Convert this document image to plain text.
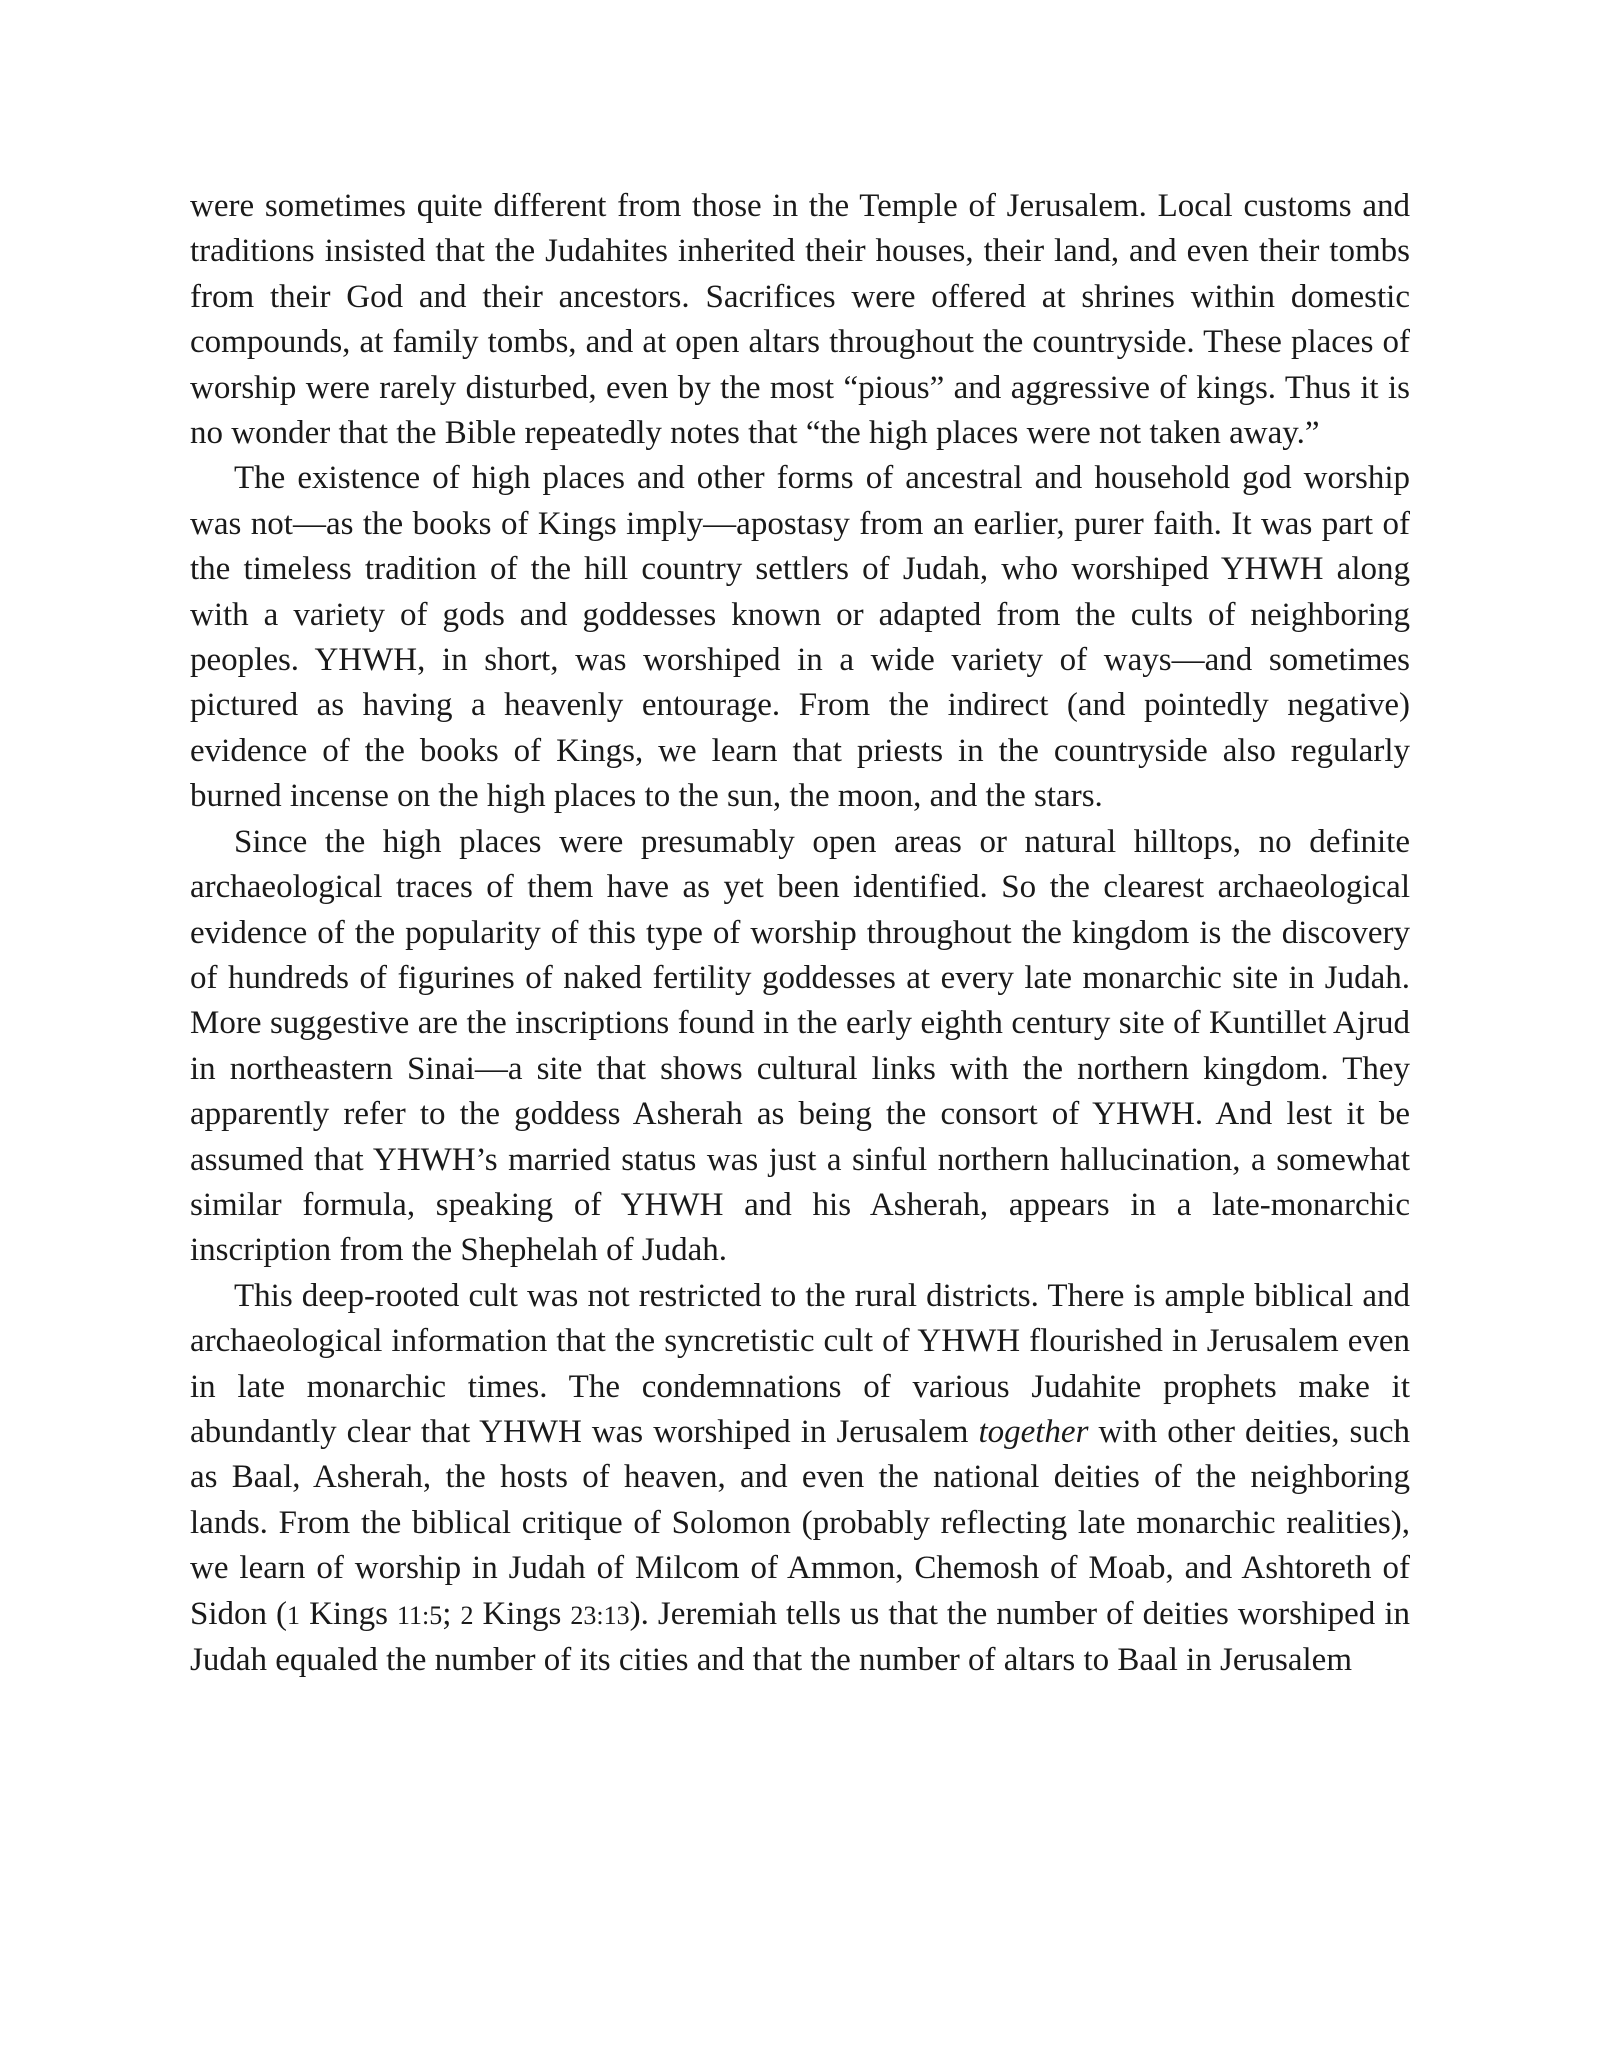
were sometimes quite different from those in the Temple of Jerusalem. Local customs and traditions insisted that the Judahites inherited their houses, their land, and even their tombs from their God and their ancestors. Sacrifices were offered at shrines within domestic compounds, at family tombs, and at open altars throughout the countryside. These places of worship were rarely disturbed, even by the most “pious” and aggressive of kings. Thus it is no wonder that the Bible repeatedly notes that “the high places were not taken away.”

The existence of high places and other forms of ancestral and household god worship was not—as the books of Kings imply—apostasy from an earlier, purer faith. It was part of the timeless tradition of the hill country settlers of Judah, who worshiped YHWH along with a variety of gods and goddesses known or adapted from the cults of neighboring peoples. YHWH, in short, was worshiped in a wide variety of ways—and sometimes pictured as having a heavenly entourage. From the indirect (and pointedly negative) evidence of the books of Kings, we learn that priests in the countryside also regularly burned incense on the high places to the sun, the moon, and the stars.

Since the high places were presumably open areas or natural hilltops, no definite archaeological traces of them have as yet been identified. So the clearest archaeological evidence of the popularity of this type of worship throughout the kingdom is the discovery of hundreds of figurines of naked fertility goddesses at every late monarchic site in Judah. More suggestive are the inscriptions found in the early eighth century site of Kuntillet Ajrud in northeastern Sinai—a site that shows cultural links with the northern kingdom. They apparently refer to the goddess Asherah as being the consort of YHWH. And lest it be assumed that YHWH’s married status was just a sinful northern hallucination, a somewhat similar formula, speaking of YHWH and his Asherah, appears in a late-monarchic inscription from the Shephelah of Judah.

This deep-rooted cult was not restricted to the rural districts. There is ample biblical and archaeological information that the syncretistic cult of YHWH flourished in Jerusalem even in late monarchic times. The condemnations of various Judahite prophets make it abundantly clear that YHWH was worshiped in Jerusalem together with other deities, such as Baal, Asherah, the hosts of heaven, and even the national deities of the neighboring lands. From the biblical critique of Solomon (probably reflecting late monarchic realities), we learn of worship in Judah of Milcom of Ammon, Chemosh of Moab, and Ashtoreth of Sidon (1 Kings 11:5; 2 Kings 23:13). Jeremiah tells us that the number of deities worshiped in Judah equaled the number of its cities and that the number of altars to Baal in Jerusalem
